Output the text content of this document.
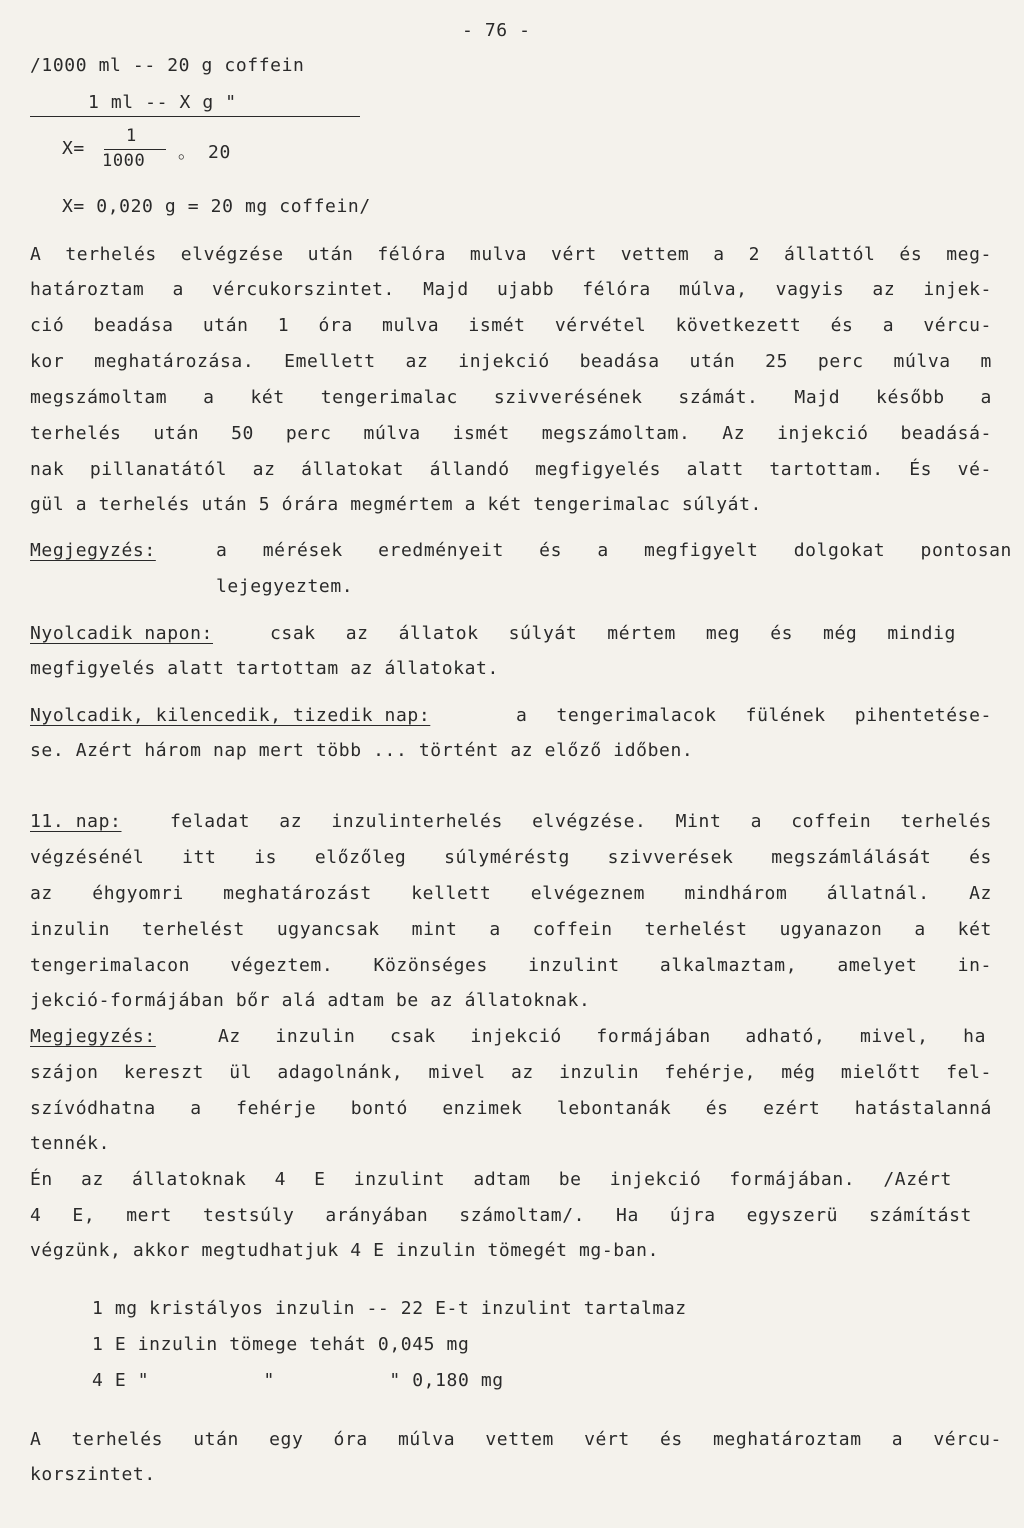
- 76 -
/1000 ml -- 20 g coffein
1 ml -- X g "
X=
1
1000 。 20
X= 0,020 g = 20 mg coffein/
A terhelés elvégzése után félóra mulva vért vettem a 2 állattól és meg-
határoztam a vércukorszintet. Majd ujabb félóra múlva, vagyis az injek-
ció beadása után 1 óra mulva ismét vérvétel következett és a vércu-
kor meghatározása. Emellett az injekció beadása után 25 perc múlva m
megszámoltam a két tengerimalac szivverésének számát. Majd később a
terhelés után 50 perc múlva ismét megszámoltam. Az injekció beadásá-
nak pillanatától az állatokat állandó megfigyelés alatt tartottam. És vé-
gül a terhelés után 5 órára megmértem a két tengerimalac súlyát.
Megjegyzés:	a mérések eredményeit és a megfigyelt dolgokat pontosan
lejegyeztem.
Nyolcadik napon:	csak az állatok súlyát mértem meg és még mindig
megfigyelés alatt tartottam az állatokat.
Nyolcadik, kilencedik, tizedik nap:	a tengerimalacok fülének pihentetése-
se. Azért három nap mert több ... történt az előző időben.
11. nap:	feladat az inzulinterhelés elvégzése. Mint a coffein terhelés
végzésénél itt is előzőleg súlyméréstg szivverések megszámlálását és
az éhgyomri meghatározást kellett elvégeznem mindhárom állatnál. Az
inzulin terhelést ugyancsak mint a coffein terhelést ugyanazon a két
tengerimalacon végeztem. Közönséges inzulint alkalmaztam, amelyet in-
jekció-formájában bőr alá adtam be az állatoknak.
Megjegyzés:	Az inzulin csak injekció formájában adható, mivel, ha
szájon kereszt ül adagolnánk, mivel az inzulin fehérje, még mielőtt fel-
szívódhatna a fehérje bontó enzimek lebontanák és ezért hatástalanná
tennék.
Én az állatoknak 4 E inzulint adtam be injekció formájában. /Azért
4 E, mert testsúly arányában számoltam/. Ha újra egyszerü számítást
végzünk, akkor megtudhatjuk 4 E inzulin tömegét mg-ban.
1 mg kristályos inzulin -- 22 E-t inzulint tartalmaz
1 E inzulin tömege tehát 0,045 mg
4 E "          "          " 0,180 mg
A terhelés után egy óra múlva vettem vért és meghatároztam a vércu-
korszintet.
